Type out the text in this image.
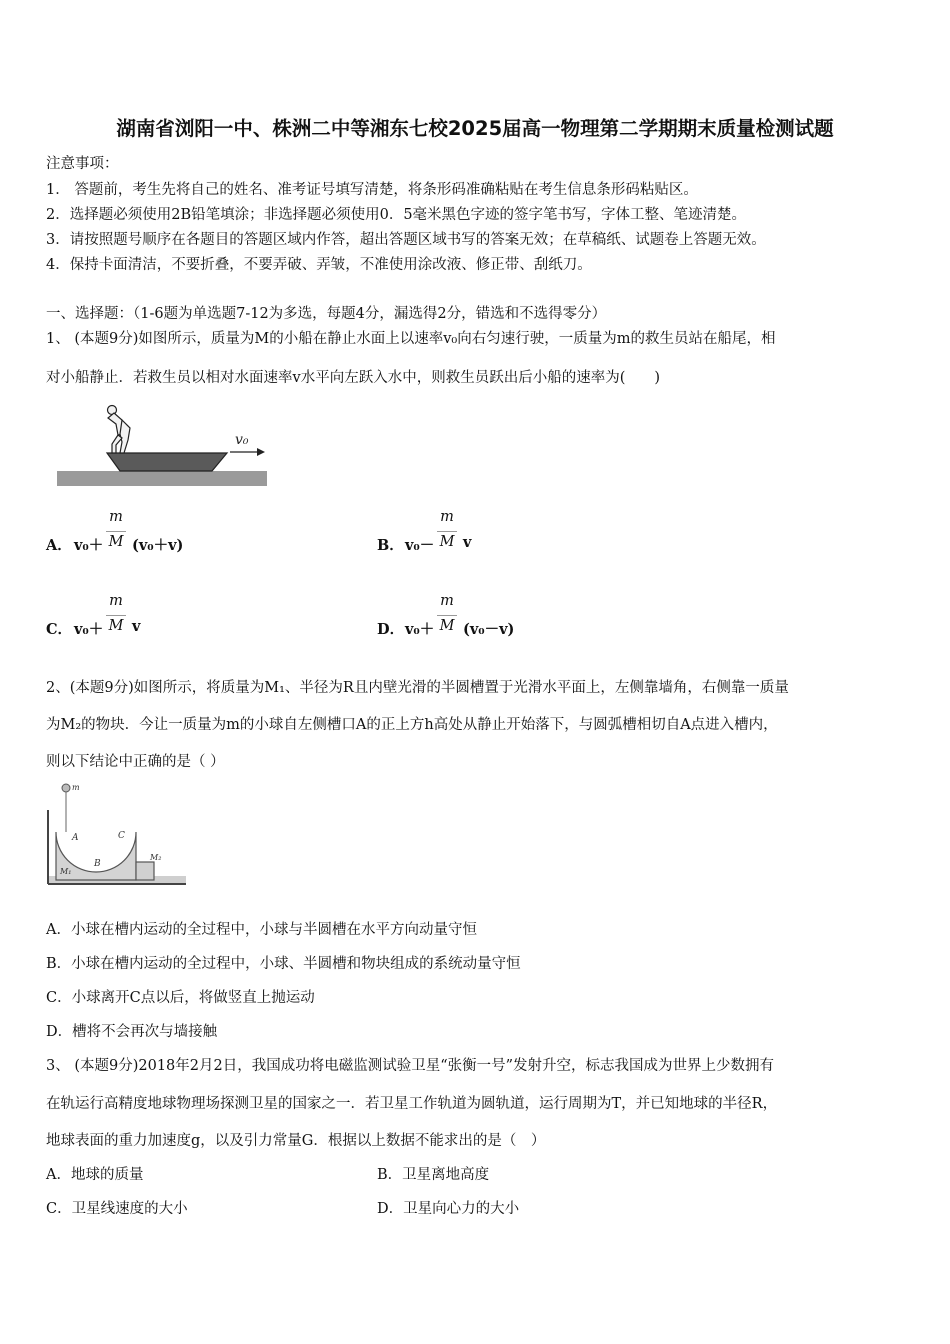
湖南省浏阳一中、株洲二中等湘东七校2025届高一物理第二学期期末质量检测试题
注意事项：
1． 答题前，考生先将自己的姓名、准考证号填写清楚，将条形码准确粘贴在考生信息条形码粘贴区。
2．选择题必须使用2B铅笔填涂；非选择题必须使用0．5毫米黑色字迹的签字笔书写，字体工整、笔迹清楚。
3．请按照题号顺序在各题目的答题区域内作答，超出答题区域书写的答案无效；在草稿纸、试题卷上答题无效。
4．保持卡面清洁，不要折叠，不要弄破、弄皱，不准使用涂改液、修正带、刮纸刀。
一、选择题：（1-6题为单选题7-12为多选，每题4分，漏选得2分，错选和不选得零分）
1、 (本题9分)如图所示，质量为M的小船在静止水面上以速率v₀向右匀速行驶，一质量为m的救生员站在船尾，相
对小船静止．若救生员以相对水面速率v水平向左跃入水中，则救生员跃出后小船的速率为(　　)
v₀
A． v₀＋
m
M (v₀＋v)	B． v₀－
m
M v
C． v₀＋
m
M v	D． v₀＋
m
M (v₀－v)
2、(本题9分)如图所示，将质量为M₁、半径为R且内壁光滑的半圆槽置于光滑水平面上，左侧靠墙角，右侧靠一质量
为M₂的物块．今让一质量为m的小球自左侧槽口A的正上方h高处从静止开始落下，与圆弧槽相切自A点进入槽内，
则以下结论中正确的是（ ）
m
A
B
C
M₁
M₂
A．小球在槽内运动的全过程中，小球与半圆槽在水平方向动量守恒
B．小球在槽内运动的全过程中，小球、半圆槽和物块组成的系统动量守恒
C．小球离开C点以后，将做竖直上抛运动
D．槽将不会再次与墙接触
3、 (本题9分)2018年2月2日，我国成功将电磁监测试验卫星“张衡一号”发射升空，标志我国成为世界上少数拥有
在轨运行高精度地球物理场探测卫星的国家之一．若卫星工作轨道为圆轨道，运行周期为T，并已知地球的半径R，
地球表面的重力加速度g，以及引力常量G．根据以上数据不能求出的是（　）
A．地球的质量	B．卫星离地高度
C．卫星线速度的大小	D．卫星向心力的大小
